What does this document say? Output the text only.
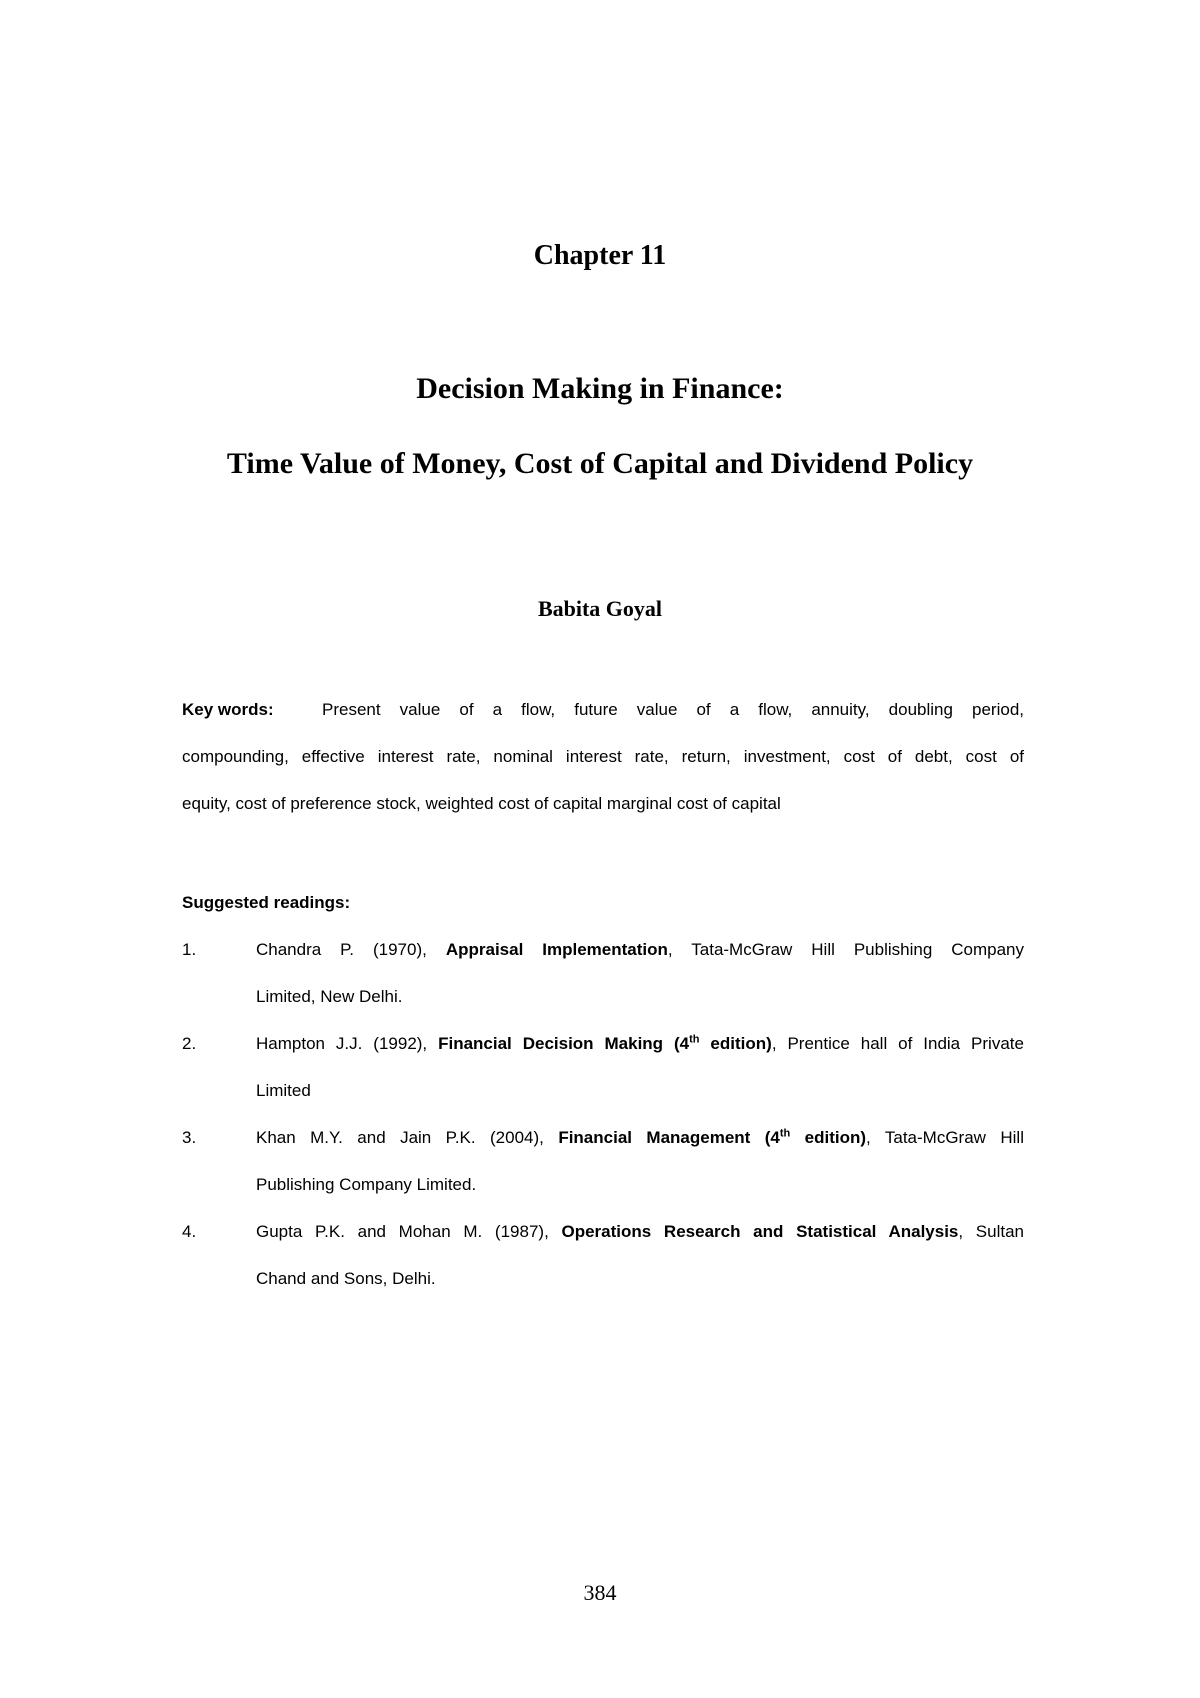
Chapter 11
Decision Making in Finance:
Time Value of Money, Cost of Capital and Dividend Policy
Babita Goyal
Key words:	Present value of a flow, future value of a flow, annuity, doubling period,
compounding, effective interest rate, nominal interest rate, return, investment, cost of debt, cost of
equity, cost of preference stock, weighted cost of capital marginal cost of capital
Suggested readings:
1.	Chandra P. (1970), Appraisal Implementation, Tata-McGraw Hill Publishing Company
Limited, New Delhi.
2.	Hampton J.J. (1992), Financial Decision Making (4th edition), Prentice hall of India Private
Limited
3.	Khan M.Y. and Jain P.K. (2004), Financial Management (4th edition), Tata-McGraw Hill
Publishing Company Limited.
4.	Gupta P.K. and Mohan M. (1987), Operations Research and Statistical Analysis, Sultan
Chand and Sons, Delhi.
384
